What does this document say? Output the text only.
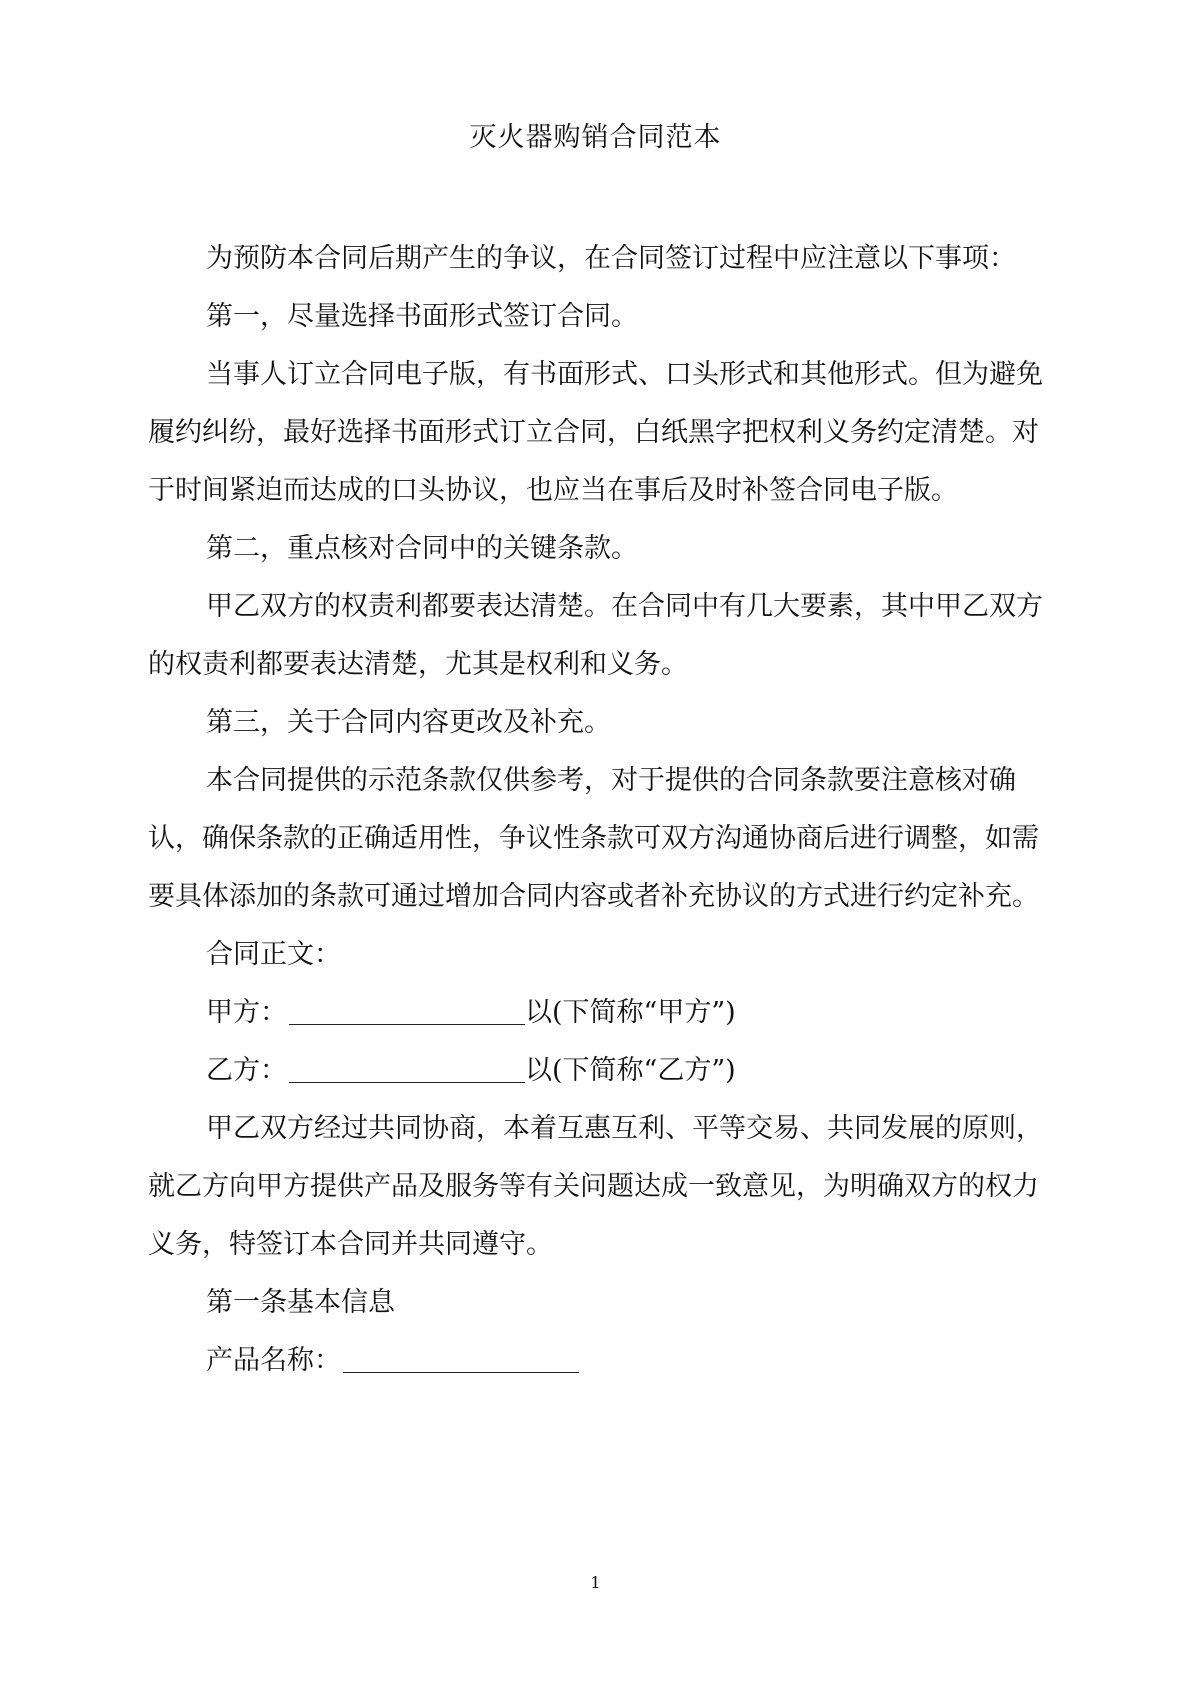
灭火器购销合同范本

为预防本合同后期产生的争议，在合同签订过程中应注意以下事项：

第一，尽量选择书面形式签订合同。

当事人订立合同电子版，有书面形式、口头形式和其他形式。但为避免履约纠纷，最好选择书面形式订立合同，白纸黑字把权利义务约定清楚。对于时间紧迫而达成的口头协议，也应当在事后及时补签合同电子版。

第二，重点核对合同中的关键条款。

甲乙双方的权责利都要表达清楚。在合同中有几大要素，其中甲乙双方的权责利都要表达清楚，尤其是权利和义务。

第三，关于合同内容更改及补充。

本合同提供的示范条款仅供参考，对于提供的合同条款要注意核对确认，确保条款的正确适用性，争议性条款可双方沟通协商后进行调整，如需要具体添加的条款可通过增加合同内容或者补充协议的方式进行约定补充。

合同正文：

甲方：	以(下简称“甲方”)

乙方：	以(下简称“乙方”)

甲乙双方经过共同协商，本着互惠互利、平等交易、共同发展的原则，就乙方向甲方提供产品及服务等有关问题达成一致意见，为明确双方的权力义务，特签订本合同并共同遵守。

第一条基本信息

产品名称：

1
